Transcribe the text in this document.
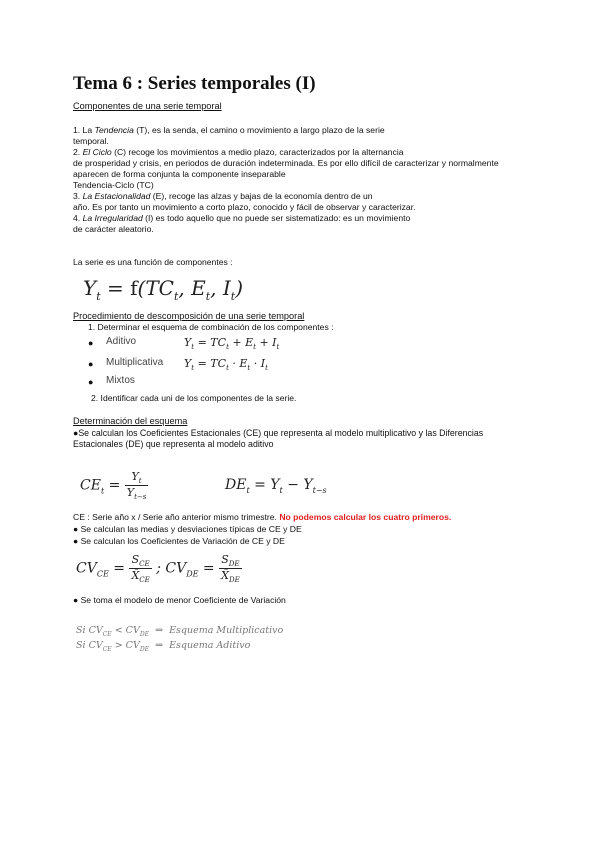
Tema 6 : Series temporales (I)
Componentes de una serie temporal
1. La Tendencia (T), es la senda, el camino o movimiento a largo plazo de la serie
temporal.
2. El Ciclo (C) recoge los movimientos a medio plazo, caracterizados por la alternancia
de prosperidad y crisis, en periodos de duración indeterminada. Es por ello difícil de caracterizar y normalmente
aparecen de forma conjunta la componente inseparable
Tendencia-Ciclo (TC)
3. La Estacionalidad (E), recoge las alzas y bajas de la economía dentro de un
año. Es por tanto un movimiento a corto plazo, conocido y fácil de observar y caracterizar.
4. La Irregularidad (I) es todo aquello que no puede ser sistematizado: es un movimiento
de carácter aleatorio.
La serie es una función de componentes :
$Y_t = f(TC_t$, $E_t$, $I_t$)
Procedimiento de descomposición de una serie temporal
1. Determinar el esquema de combinación de los componentes :
● Aditivo	$Y_t = TC_t + E_t + I_t$
● Multiplicativa $Y_t = TC_t \cdot E_t \cdot I_t$
● Mixtos
2. Identificar cada uni de los componentes de la serie.
Determinación del esquema
●Se calculan los Coeficientes Estacionales (CE) que representa al modelo multiplicativo y las Diferencias
Estacionales (DE) que representa al modelo aditivo
$CE_t = \frac{Y_t}{Y_{t-s}}$	$DE_t = Y_t - Y_{t-s}$
CE : Serie año x / Serie año anterior mismo trimestre. No podemos calcular los cuatro primeros.
● Se calculan las medias y desviaciones típicas de CE y DE
● Se calculan los Coeficientes de Variación de CE y DE
$CV_{CE} = \frac{S_{CE}}{X̄_{CE}}$ ; $CV_{DE} = \frac{S_{DE}}{X̄_{DE}}$
● Se toma el modelo de menor Coeficiente de Variación
Si $CV_{CE} < CV_{DE}$  ⇒  Esquema Multiplicativo
Si $CV_{CE} > CV_{DE}$  ⇒  Esquema Aditivo
